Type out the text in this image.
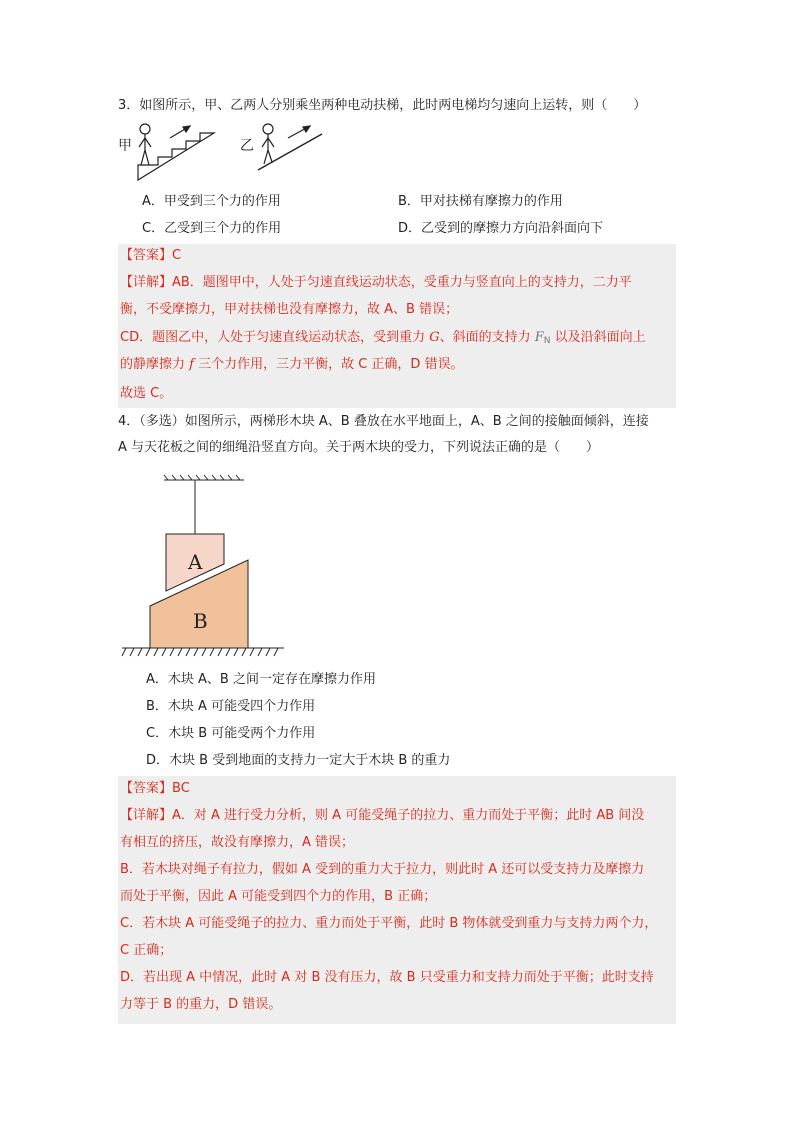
3．如图所示，甲、乙两人分别乘坐两种电动扶梯，此时两电梯均匀速向上运转，则（　　）
甲	乙
A．甲受到三个力的作用	B．甲对扶梯有摩擦力的作用
C．乙受到三个力的作用	D．乙受到的摩擦力方向沿斜面向下
【答案】C
【详解】AB．题图甲中，人处于匀速直线运动状态，受重力与竖直向上的支持力，二力平
衡，不受摩擦力，甲对扶梯也没有摩擦力，故 A、B 错误；
CD．题图乙中，人处于匀速直线运动状态，受到重力 G、斜面的支持力 $F_N$ 以及沿斜面向上
的静摩擦力 f 三个力作用，三力平衡，故 C 正确，D 错误。
故选 C。
4．（多选）如图所示，两梯形木块 A、B 叠放在水平地面上，A、B 之间的接触面倾斜，连接
A 与天花板之间的细绳沿竖直方向。关于两木块的受力，下列说法正确的是（　　）
A
B
A．木块 A、B 之间一定存在摩擦力作用
B．木块 A 可能受四个力作用
C．木块 B 可能受两个力作用
D．木块 B 受到地面的支持力一定大于木块 B 的重力
【答案】BC
【详解】A．对 A 进行受力分析，则 A 可能受绳子的拉力、重力而处于平衡；此时 AB 间没
有相互的挤压，故没有摩擦力，A 错误；
B．若木块对绳子有拉力，假如 A 受到的重力大于拉力，则此时 A 还可以受支持力及摩擦力
而处于平衡，因此 A 可能受到四个力的作用，B 正确；
C．若木块 A 可能受绳子的拉力、重力而处于平衡，此时 B 物体就受到重力与支持力两个力，
C 正确；
D．若出现 A 中情况，此时 A 对 B 没有压力，故 B 只受重力和支持力而处于平衡；此时支持
力等于 B 的重力，D 错误。
